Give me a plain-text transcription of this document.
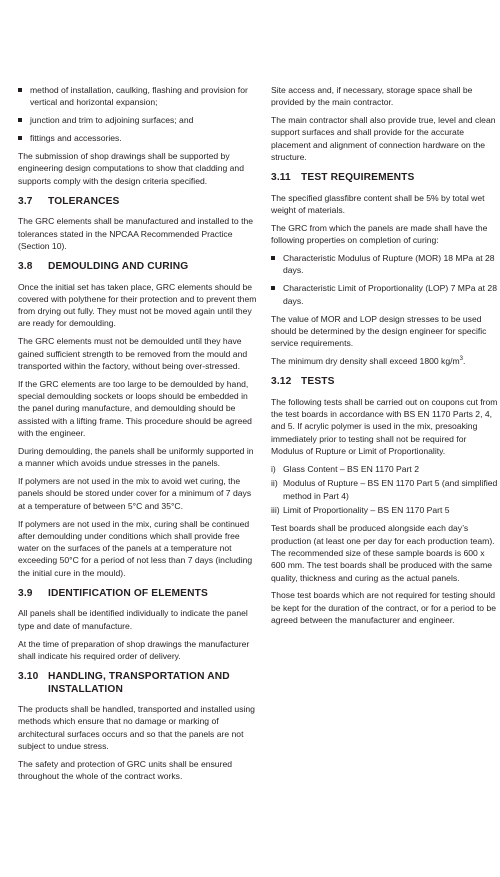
method of installation, caulking, flashing and provision for vertical and horizontal expansion;
junction and trim to adjoining surfaces; and
fittings and accessories.

The submission of shop drawings shall be supported by engineering design computations to show that cladding and supports comply with the design criteria specified.

3.7	TOLERANCES

The GRC elements shall be manufactured and installed to the tolerances stated in the NPCAA Recommended Practice (Section 10).

3.8	DEMOULDING AND CURING

Once the initial set has taken place, GRC elements should be covered with polythene for their protection and to prevent them from drying out fully. They must not be moved again until they are ready for demoulding.

The GRC elements must not be demoulded until they have gained sufficient strength to be removed from the mould and transported within the factory, without being over-stressed.

If the GRC elements are too large to be demoulded by hand, special demoulding sockets or loops should be embedded in the panel during manufacture, and demoulding should be assisted with a lifting frame. This procedure should be agreed with the engineer.

During demoulding, the panels shall be uniformly supported in a manner which avoids undue stresses in the panels.

If polymers are not used in the mix to avoid wet curing, the panels should be stored under cover for a minimum of 7 days at a temperature of between 5°C and 35°C.

If polymers are not used in the mix, curing shall be continued after demoulding under conditions which shall provide free water on the surfaces of the panels at a temperature not exceeding 50°C for a period of not less than 7 days (including the initial cure in the mould).

3.9	IDENTIFICATION OF ELEMENTS

All panels shall be identified individually to indicate the panel type and date of manufacture.

At the time of preparation of shop drawings the manufacturer shall indicate his required order of delivery.

3.10 HANDLING, TRANSPORTATION AND INSTALLATION

The products shall be handled, transported and installed using methods which ensure that no damage or marking of architectural surfaces occurs and so that the panels are not subject to undue stress.

The safety and protection of GRC units shall be ensured throughout the whole of the contract works.

Site access and, if necessary, storage space shall be provided by the main contractor.

The main contractor shall also provide true, level and clean support surfaces and shall provide for the accurate placement and alignment of connection hardware on the structure.

3.11 TEST REQUIREMENTS

The specified glassfibre content shall be 5% by total wet weight of materials.

The GRC from which the panels are made shall have the following properties on completion of curing:

Characteristic Modulus of Rupture (MOR) 18 MPa at 28 days.
Characteristic Limit of Proportionality (LOP) 7 MPa at 28 days.

The value of MOR and LOP design stresses to be used should be determined by the design engineer for specific service requirements.

The minimum dry density shall exceed 1800 $kg/m^3$.

3.12 TESTS

The following tests shall be carried out on coupons cut from the test boards in accordance with BS EN 1170 Parts 2, 4, and 5. If acrylic polymer is used in the mix, presoaking immediately prior to testing shall not be required for Modulus of Rupture or Limit of Proportionality.

i) Glass Content – BS EN 1170 Part 2
ii) Modulus of Rupture – BS EN 1170 Part 5 (and simplified method in Part 4)
iii) Limit of Proportionality – BS EN 1170 Part 5

Test boards shall be produced alongside each day’s production (at least one per day for each production team). The recommended size of these sample boards is 600 x 600 mm. The test boards shall be produced with the same quality, thickness and curing as the actual panels.

Those test boards which are not required for testing should be kept for the duration of the contract, or for a period to be agreed between the manufacturer and engineer.
